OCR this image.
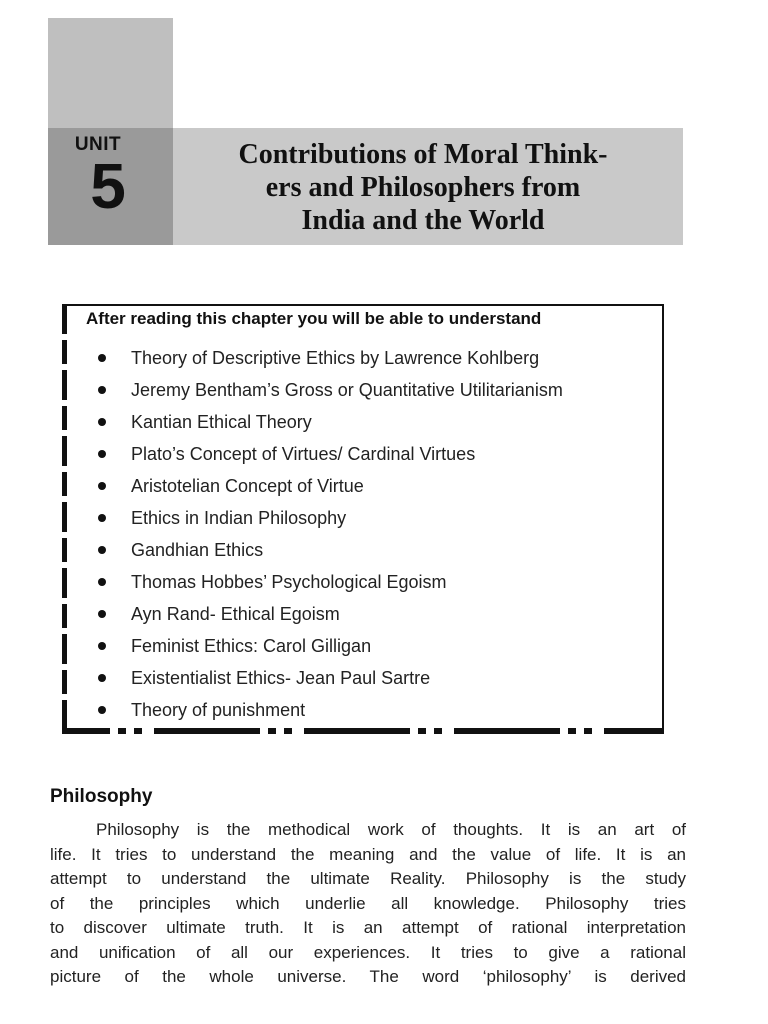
UNIT
5	Contributions of Moral Think-
ers and Philosophers from
India and the World
After reading this chapter you will be able to understand
Theory of Descriptive Ethics by Lawrence Kohlberg
Jeremy Bentham’s Gross or Quantitative Utilitarianism
Kantian Ethical Theory
Plato’s Concept of Virtues/ Cardinal Virtues
Aristotelian Concept of Virtue
Ethics in Indian Philosophy
Gandhian Ethics
Thomas Hobbes’ Psychological Egoism
Ayn Rand- Ethical Egoism
Feminist Ethics: Carol Gilligan
Existentialist Ethics- Jean Paul Sartre
Theory of punishment
Philosophy

Philosophy is the methodical work of thoughts. It is an art of
life. It tries to understand the meaning and the value of life. It is an
attempt to understand the ultimate Reality. Philosophy is the study
of the principles which underlie all knowledge. Philosophy tries
to discover ultimate truth. It is an attempt of rational interpretation
and unification of all our experiences. It tries to give a rational
picture of the whole universe. The word ‘philosophy’ is derived
